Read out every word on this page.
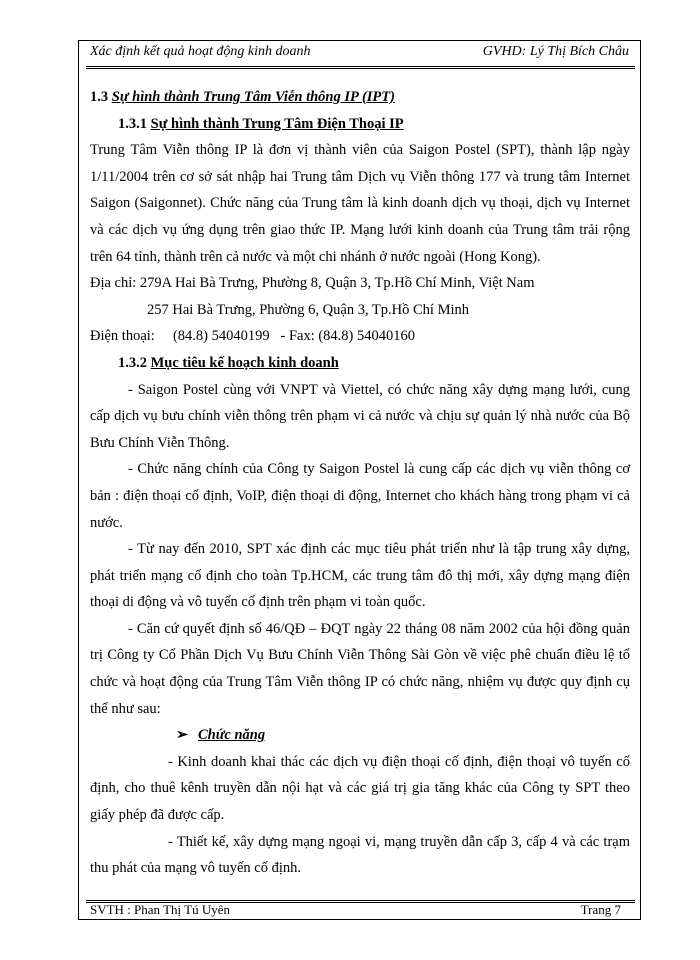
Xác định kết quả hoạt động kinh doanh	GVHD: Lý Thị Bích Châu

1.3 Sự hình thành Trung Tâm Viễn thông IP (IPT)

1.3.1 Sự hình thành Trung Tâm Điện Thoại IP

Trung Tâm Viễn thông IP là đơn vị thành viên của Saigon Postel (SPT), thành lập ngày 1/11/2004 trên cơ sở sát nhập hai Trung tâm Dịch vụ Viễn thông 177 và trung tâm Internet Saigon (Saigonnet). Chức năng của Trung tâm là kinh doanh dịch vụ thoại, dịch vụ Internet và các dịch vụ ứng dụng trên giao thức IP. Mạng lưới kinh doanh của Trung tâm trải rộng trên 64 tỉnh, thành trên cả nước và một chi nhánh ở nước ngoài (Hong Kong).

Địa chỉ: 279A Hai Bà Trưng, Phường 8, Quận 3, Tp.Hồ Chí Minh, Việt Nam

257 Hai Bà Trưng, Phường 6, Quận 3, Tp.Hồ Chí Minh

Điện thoại:     (84.8) 54040199   - Fax: (84.8) 54040160

1.3.2 Mục tiêu kế hoạch kinh doanh

- Saigon Postel cùng với VNPT và Viettel, có chức năng xây dựng mạng lưới, cung cấp dịch vụ bưu chính viễn thông trên phạm vi cả nước và chịu sự quản lý nhà nước của Bộ Bưu Chính Viễn Thông.

- Chức năng chính của Công ty Saigon Postel là cung cấp các dịch vụ viễn thông cơ bản : điện thoại cố định, VoIP, điện thoại di động, Internet cho khách hàng trong phạm vi cả nước.

- Từ nay đến 2010, SPT xác định các mục tiêu phát triển như là tập trung xây dựng, phát triển mạng cố định cho toàn Tp.HCM, các trung tâm đô thị mới, xây dựng mạng điện thoại di động và vô tuyến cố định trên phạm vi toàn quốc.

- Căn cứ quyết định số 46/QĐ – ĐQT ngày 22 tháng 08 năm 2002 của hội đồng quản trị Công ty Cổ Phần Dịch Vụ Bưu Chính Viễn Thông Sài Gòn về việc phê chuẩn điều lệ tổ chức và hoạt động của Trung Tâm Viễn thông IP có chức năng, nhiệm vụ được quy định cụ thể như sau:

➢ Chức năng

- Kinh doanh khai thác các dịch vụ điện thoại cố định, điện thoại vô tuyến cố định, cho thuê kênh truyền dẫn nội hạt và các giá trị gia tăng khác của Công ty SPT theo giấy phép đã được cấp.

- Thiết kế, xây dựng mạng ngoại vi, mạng truyền dẫn cấp 3, cấp 4 và các trạm thu phát của mạng vô tuyến cố định.

SVTH : Phan Thị Tú Uyên	Trang 7
